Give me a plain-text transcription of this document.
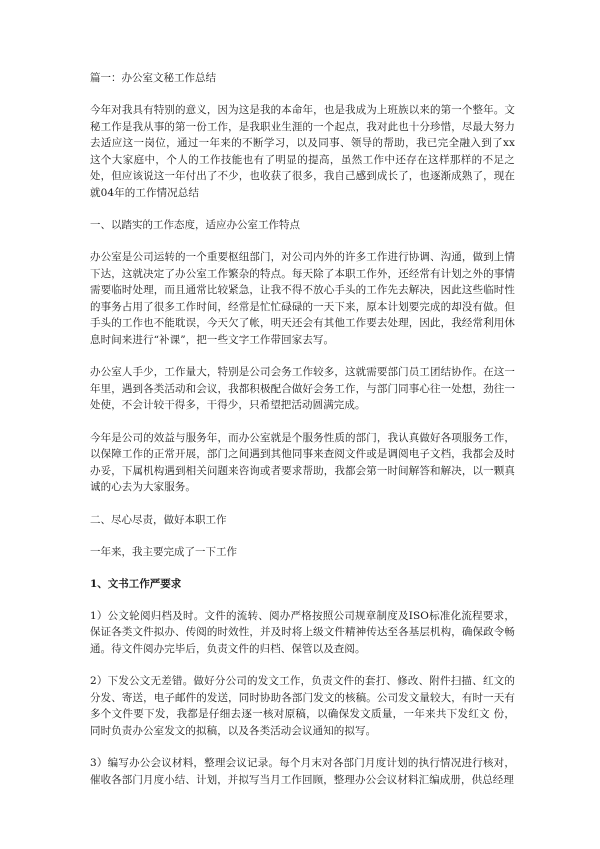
篇一：办公室文秘工作总结

今年对我具有特别的意义，因为这是我的本命年，也是我成为上班族以来的第一个整年。文秘工作是我从事的第一份工作，是我职业生涯的一个起点，我对此也十分珍惜，尽最大努力去适应这一岗位，通过一年来的不断学习，以及同事、领导的帮助，我已完全融入到了xx这个大家庭中，个人的工作技能也有了明显的提高，虽然工作中还存在这样那样的不足之处，但应该说这一年付出了不少，也收获了很多，我自己感到成长了，也逐渐成熟了，现在就04年的工作情况总结

一、以踏实的工作态度，适应办公室工作特点

办公室是公司运转的一个重要枢纽部门，对公司内外的许多工作进行协调、沟通，做到上情下达，这就决定了办公室工作繁杂的特点。每天除了本职工作外，还经常有计划之外的事情需要临时处理，而且通常比较紧急，让我不得不放心手头的工作先去解决，因此这些临时性的事务占用了很多工作时间，经常是忙忙碌碌的一天下来，原本计划要完成的却没有做。但手头的工作也不能耽误，今天欠了帐，明天还会有其他工作要去处理，因此，我经常利用休息时间来进行“补课”，把一些文字工作带回家去写。

办公室人手少，工作量大，特别是公司会务工作较多，这就需要部门员工团结协作。在这一年里，遇到各类活动和会议，我都积极配合做好会务工作，与部门同事心往一处想，劲往一处使，不会计较干得多，干得少，只希望把活动圆满完成。

今年是公司的效益与服务年，而办公室就是个服务性质的部门，我认真做好各项服务工作，以保障工作的正常开展，部门之间遇到其他同事来查阅文件或是调阅电子文档，我都会及时办妥，下属机构遇到相关问题来咨询或者要求帮助，我都会第一时间解答和解决，以一颗真诚的心去为大家服务。

二、尽心尽责，做好本职工作

一年来，我主要完成了一下工作

1、文书工作严要求

1）公文轮阅归档及时。文件的流转、阅办严格按照公司规章制度及ISO标准化流程要求，保证各类文件拟办、传阅的时效性，并及时将上级文件精神传达至各基层机构，确保政令畅通。待文件阅办完毕后，负责文件的归档、保管以及查阅。

2）下发公文无差错。做好分公司的发文工作，负责文件的套打、修改、附件扫描、红文的分发、寄送，电子邮件的发送，同时协助各部门发文的核稿。公司发文量较大，有时一天有多个文件要下发，我都是仔细去逐一核对原稿，以确保发文质量，一年来共下发红文 份，同时负责办公室发文的拟稿，以及各类活动会议通知的拟写。

3）编写办公会议材料，整理会议记录。每个月末对各部门月度计划的执行情况进行核对，催收各部门月度小结、计划，并拟写当月工作回顾，整理办公会议材料汇编成册，供总经理
